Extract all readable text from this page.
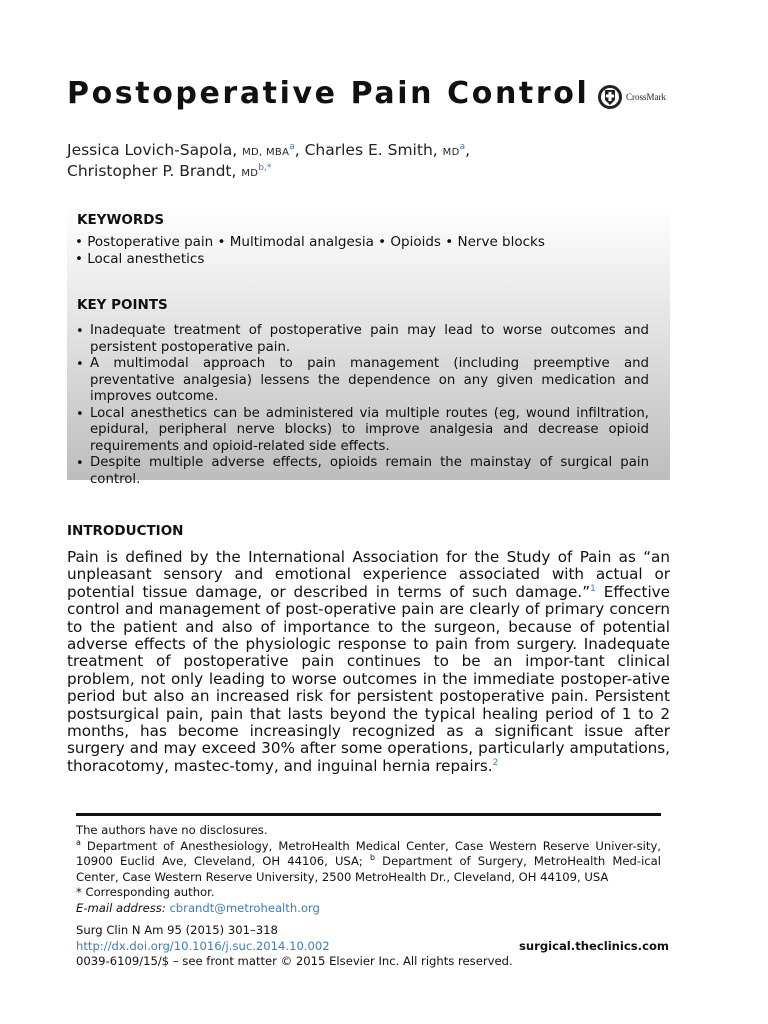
Postoperative Pain Control	CrossMark
Jessica Lovich-Sapola, MD, MBA$^a$, Charles E. Smith, $MD^a$,
Christopher P. Brandt, $MD^{b,*}$
KEYWORDS
• Postoperative pain • Multimodal analgesia • Opioids • Nerve blocks
• Local anesthetics
KEY POINTS
• Inadequate treatment of postoperative pain may lead to worse outcomes and persistent postoperative pain.
• A multimodal approach to pain management (including preemptive and preventative analgesia) lessens the dependence on any given medication and improves outcome.
• Local anesthetics can be administered via multiple routes (eg, wound infiltration, epidural, peripheral nerve blocks) to improve analgesia and decrease opioid requirements and opioid-related side effects.
• Despite multiple adverse effects, opioids remain the mainstay of surgical pain control.
INTRODUCTION

Pain is defined by the International Association for the Study of Pain as “an unpleasant sensory and emotional experience associated with actual or potential tissue damage, or described in terms of such damage.”$^1$ Effective control and management of post-operative pain are clearly of primary concern to the patient and also of importance to the surgeon, because of potential adverse effects of the physiologic response to pain from surgery. Inadequate treatment of postoperative pain continues to be an impor-tant clinical problem, not only leading to worse outcomes in the immediate postoper-ative period but also an increased risk for persistent postoperative pain. Persistent postsurgical pain, pain that lasts beyond the typical healing period of 1 to 2 months, has become increasingly recognized as a significant issue after surgery and may exceed 30% after some operations, particularly amputations, thoracotomy, mastec-tomy, and inguinal hernia repairs.$^2$

The authors have no disclosures.

$^a$ Department of Anesthesiology, MetroHealth Medical Center, Case Western Reserve Univer-sity, 10900 Euclid Ave, Cleveland, OH 44106, USA; $^b$ Department of Surgery, MetroHealth Med-ical Center, Case Western Reserve University, 2500 MetroHealth Dr., Cleveland, OH 44109, USA

* Corresponding author.

E-mail address: cbrandt@metrohealth.org

Surg Clin N Am 95 (2015) 301–318
http://dx.doi.org/10.1016/j.suc.2014.10.002	surgical.theclinics.com
0039-6109/15/$ – see front matter © 2015 Elsevier Inc. All rights reserved.
